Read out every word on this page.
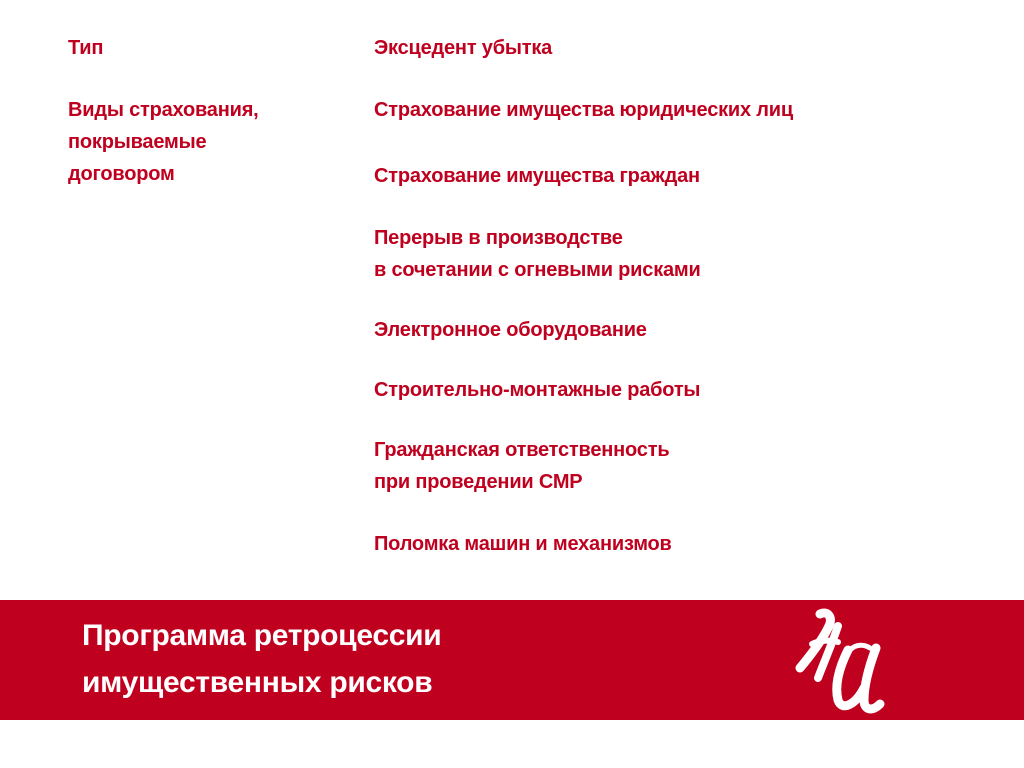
Тип	Эксцедент убытка

Виды страхования,
покрываемые
договором

Страхование имущества юридических лиц

Страхование имущества граждан

Перерыв в производстве
в сочетании с огневыми рисками

Электронное оборудование

Строительно-монтажные работы

Гражданская ответственность
при проведении СМР

Поломка машин и механизмов

Программа ретроцессии
имущественных рисков
